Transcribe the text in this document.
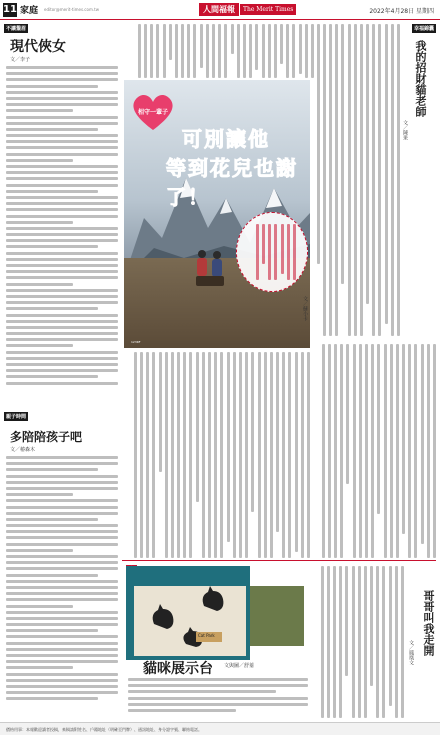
11 家庭 editor@merit-times.com.tw	人間福報	The Merit Times	2022年4月28日 星期四
不讓鬚眉
現代俠女
文／李子
親子時間
多陪陪孩子吧
文／椿森木
幸福錦囊
我的招財貓老師
文／陳果
相守一輩子
可別讓他
等到花兒也謝了！
123RF
文／蘇小卡
Cat Park
貓咪展示台 文與圖／舒蓁
哥哥叫我走開
文／鳳凰文
價格用事：本報歡迎讀者投稿，來稿請附姓名、戶籍地址（明確至門牌）、通訊地址、身分證字號、聯絡電話。
